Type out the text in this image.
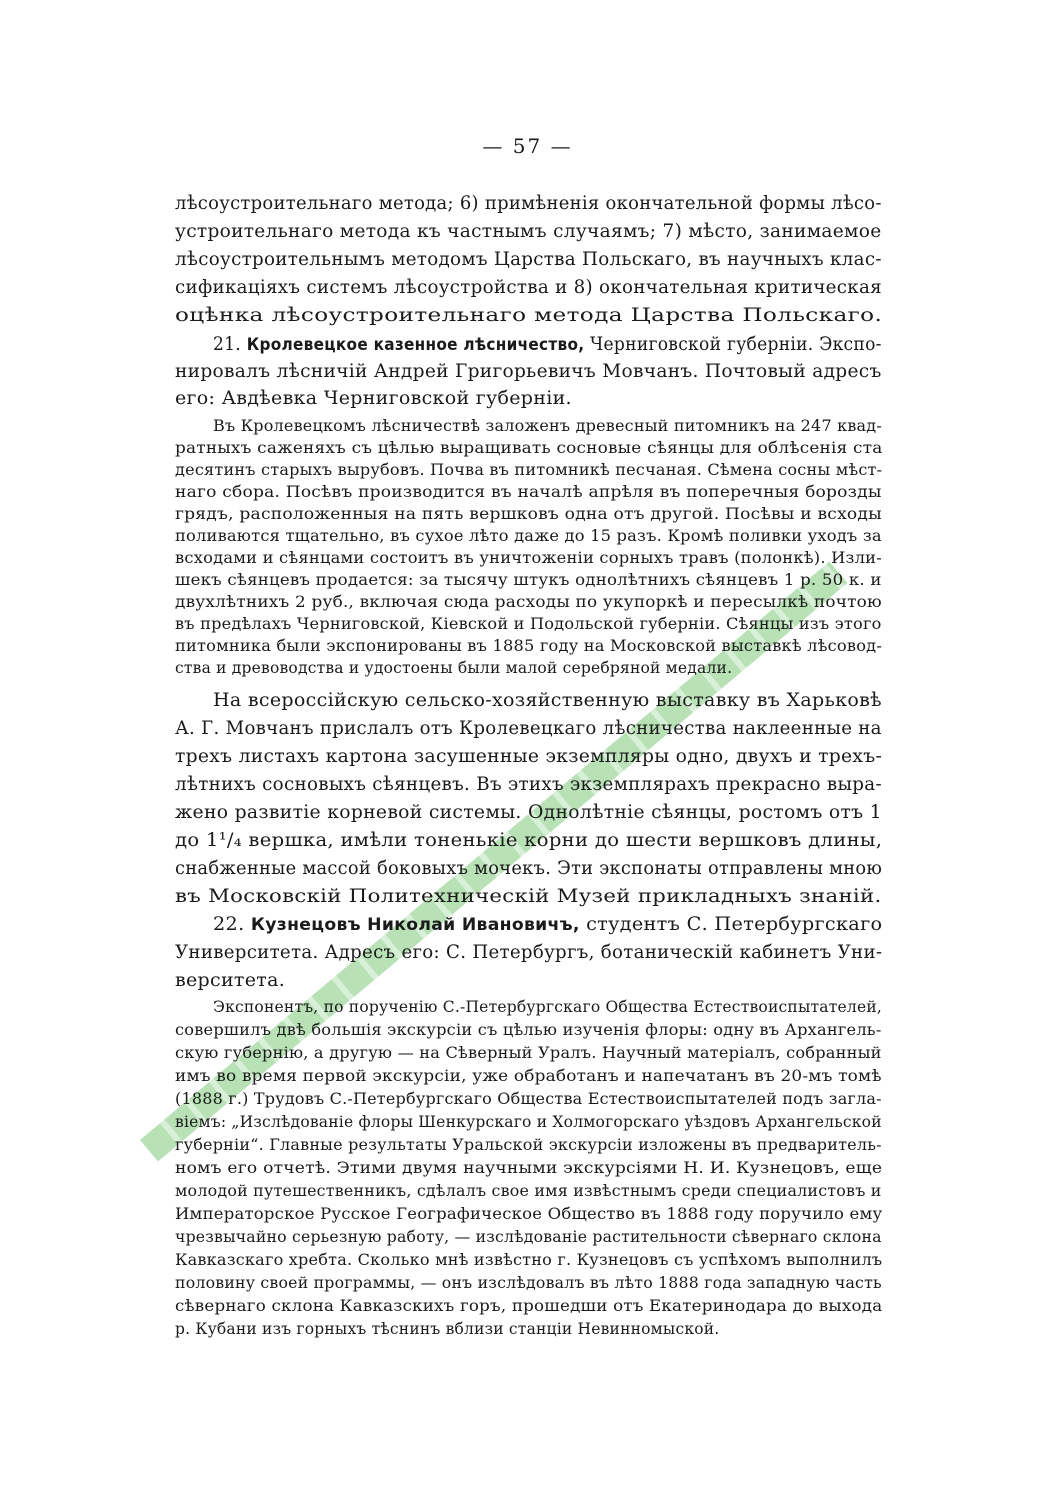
— 57 —
лѣсоустроительнаго метода; 6) примѣненія окончательной формы лѣсо-
устроительнаго метода къ частнымъ случаямъ; 7) мѣсто, занимаемое
лѣсоустроительнымъ методомъ Царства Польскаго, въ научныхъ клас-
сификаціяхъ системъ лѣсоустройства и 8) окончательная критическая
оцѣнка лѣсоустроительнаго метода Царства Польскаго.
21. Кролевецкое казенное лѣсничество, Черниговской губерніи. Экспо-
нировалъ лѣсничій Андрей Григорьевичъ Мовчанъ. Почтовый адресъ
его: Авдѣевка Черниговской губерніи.
Въ Кролевецкомъ лѣсничествѣ заложенъ древесный питомникъ на 247 квад-
ратныхъ саженяхъ съ цѣлью выращивать сосновые сѣянцы для облѣсенія ста
десятинъ старыхъ вырубовъ. Почва въ питомникѣ песчаная. Сѣмена сосны мѣст-
наго сбора. Посѣвъ производится въ началѣ апрѣля въ поперечныя борозды
грядъ, расположенныя на пять вершковъ одна отъ другой. Посѣвы и всходы
поливаются тщательно, въ сухое лѣто даже до 15 разъ. Кромѣ поливки уходъ за
всходами и сѣянцами состоитъ въ уничтоженіи сорныхъ травъ (полонкѣ). Изли-
шекъ сѣянцевъ продается: за тысячу штукъ однолѣтнихъ сѣянцевъ 1 р. 50 к. и
двухлѣтнихъ 2 руб., включая сюда расходы по укупоркѣ и пересылкѣ почтою
въ предѣлахъ Черниговской, Кіевской и Подольской губерніи. Сѣянцы изъ этого
питомника были экспонированы въ 1885 году на Московской выставкѣ лѣсовод-
ства и древоводства и удостоены были малой серебряной медали.
На всероссійскую сельско-хозяйственную выставку въ Харьковѣ
А. Г. Мовчанъ прислалъ отъ Кролевецкаго лѣсничества наклеенные на
трехъ листахъ картона засушенные экземпляры одно, двухъ и трехъ-
лѣтнихъ сосновыхъ сѣянцевъ. Въ этихъ экземплярахъ прекрасно выра-
жено развитіе корневой системы. Однолѣтніе сѣянцы, ростомъ отъ 1
до 1¹/₄ вершка, имѣли тоненькіе корни до шести вершковъ длины,
снабженные массой боковыхъ мочекъ. Эти экспонаты отправлены мною
въ Московскій Политехническій Музей прикладныхъ знаній.
22. Кузнецовъ Николай Ивановичъ, студентъ С. Петербургскаго
Университета. Адресъ его: С. Петербургъ, ботаническій кабинетъ Уни-
верситета.
Экспонентъ, по порученію С.-Петербургскаго Общества Естествоиспытателей,
совершилъ двѣ большія экскурсіи съ цѣлью изученія флоры: одну въ Архангель-
скую губернію, а другую — на Сѣверный Уралъ. Научный матеріалъ, собранный
имъ во время первой экскурсіи, уже обработанъ и напечатанъ въ 20-мъ томѣ
(1888 г.) Трудовъ С.-Петербургскаго Общества Естествоиспытателей подъ загла-
віемъ: „Изслѣдованіе флоры Шенкурскаго и Холмогорскаго уѣздовъ Архангельской
губерніи“. Главные результаты Уральской экскурсіи изложены въ предваритель-
номъ его отчетѣ. Этими двумя научными экскурсіями Н. И. Кузнецовъ, еще
молодой путешественникъ, сдѣлалъ свое имя извѣстнымъ среди специалистовъ и
Императорское Русское Географическое Общество въ 1888 году поручило ему
чрезвычайно серьезную работу, — изслѣдованіе растительности сѣвернаго склона
Кавказскаго хребта. Сколько мнѣ извѣстно г. Кузнецовъ съ успѣхомъ выполнилъ
половину своей программы, — онъ изслѣдовалъ въ лѣто 1888 года западную часть
сѣвернаго склона Кавказскихъ горъ, прошедши отъ Екатеринодара до выхода
р. Кубани изъ горныхъ тѣснинъ вблизи станціи Невинномыской.
